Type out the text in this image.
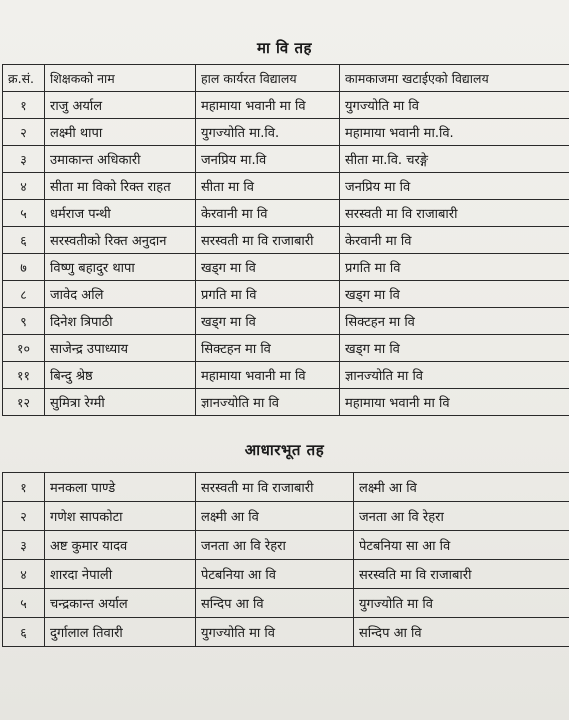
मा वि तह
क्र.सं.	शिक्षकको नाम	हाल कार्यरत विद्यालय	कामकाजमा खटाईएको विद्यालय
१	राजु अर्याल	महामाया भवानी मा वि	युगज्योति मा वि
२	लक्ष्मी थापा	युगज्योति मा.वि.	महामाया भवानी मा.वि.
३	उमाकान्त अधिकारी	जनप्रिय मा.वि	सीता मा.वि. चरङ्गे
४	सीता मा विको रिक्त राहत	सीता मा वि	जनप्रिय मा वि
५	धर्मराज पन्थी	केरवानी मा वि	सरस्वती मा वि राजाबारी
६	सरस्वतीको रिक्त अनुदान	सरस्वती मा वि राजाबारी	केरवानी मा वि
७	विष्णु बहादुर थापा	खड्ग मा वि	प्रगति मा वि
८	जावेद अलि	प्रगति मा वि	खड्ग मा वि
९	दिनेश त्रिपाठी	खड्ग मा वि	सिक्टहन मा वि
१०	साजेन्द्र उपाध्याय	सिक्टहन मा वि	खड्ग मा वि
११	बिन्दु श्रेष्ठ	महामाया भवानी मा वि	ज्ञानज्योति मा वि
१२	सुमित्रा रेग्मी	ज्ञानज्योति मा वि	महामाया भवानी मा वि
आधारभूत तह
१	मनकला पाण्डे	सरस्वती मा वि राजाबारी	लक्ष्मी आ वि
२	गणेश सापकोटा	लक्ष्मी आ वि	जनता आ वि रेहरा
३	अष्ट कुमार यादव	जनता आ वि रेहरा	पेटबनिया सा आ वि
४	शारदा नेपाली	पेटबनिया आ वि	सरस्वति मा वि राजाबारी
५	चन्द्रकान्त अर्याल	सन्दिप आ वि	युगज्योति मा वि
६	दुर्गालाल तिवारी	युगज्योति मा वि	सन्दिप आ वि
